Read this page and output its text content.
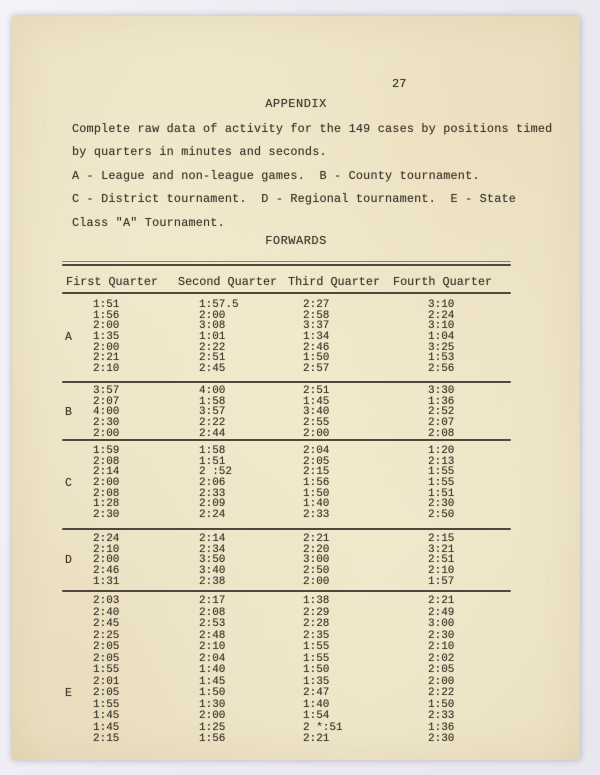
27
APPENDIX
Complete raw data of activity for the 149 cases by positions timed
by quarters in minutes and seconds.
A - League and non-league games.  B - County tournament.
C - District tournament.  D - Regional tournament.  E - State
Class "A" Tournament.
FORWARDS
First Quarter Second Quarter Third Quarter Fourth Quarter
A
1:51	1:57.5	2:27	3:10
1:56	2:00	2:58	2:24
2:00	3:08	3:37	3:10
1:35	1:01	1:34	1:04
2:00	2:22	2:46	3:25
2:21	2:51	1:50	1:53
2:10	2:45	2:57	2:56
B
3:57	4:00	2:51	3:30
2:07	1:58	1:45	1:36
4:00	3:57	3:40	2:52
2:30	2:22	2:55	2:07
2:00	2:44	2:00	2:08
C
1:59	1:58	2:04	1:20
2:08	1:51	2:05	2:13
2:14	2 :52	2:15	1:55
2:00	2:06	1:56	1:55
2:08	2:33	1:50	1:51
1:28	2:09	1:40	2:30
2:30	2:24	2:33	2:50
D
2:24	2:14	2:21	2:15
2:10	2:34	2:20	3:21
2:00	3:50	3:00	2:51
2:46	3:40	2:50	2:10
1:31	2:38	2:00	1:57
E
2:03	2:17	1:38	2:21
2:40	2:08	2:29	2:49
2:45	2:53	2:28	3:00
2:25	2:48	2:35	2:30
2:05	2:10	1:55	2:10
2:05	2:04	1:55	2:02
1:55	1:40	1:50	2:05
2:01	1:45	1:35	2:00
2:05	1:50	2:47	2:22
1:55	1:30	1:40	1:50
1:45	2:00	1:54	2:33
1:45	1:25	2 *:51	1:36
2:15	1:56	2:21	2:30
